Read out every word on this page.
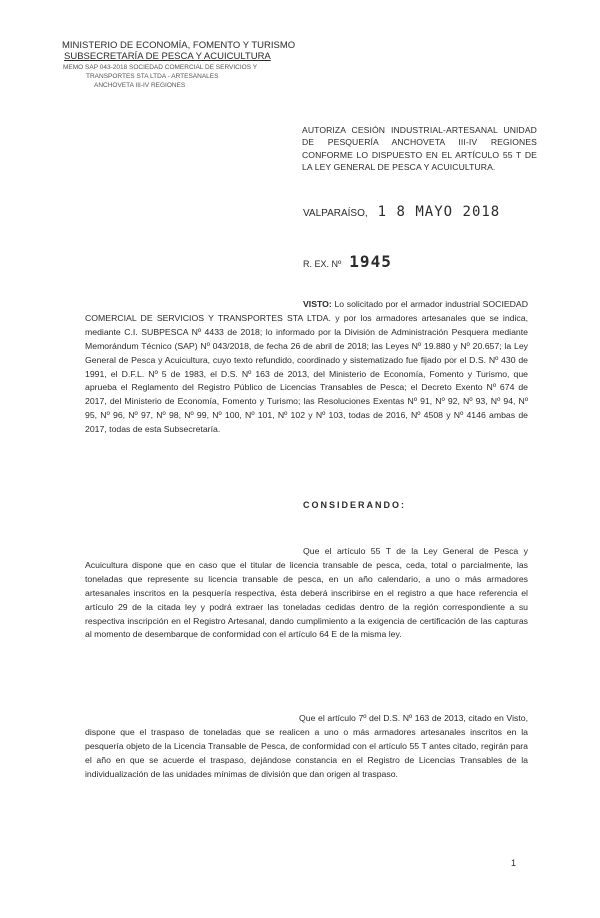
MINISTERIO DE ECONOMÍA, FOMENTO Y TURISMO
SUBSECRETARÍA DE PESCA Y ACUICULTURA
MEMO SAP 043-2018 SOCIEDAD COMERCIAL DE SERVICIOS Y
TRANSPORTES STA LTDA - ARTESANALES
ANCHOVETA III-IV REGIONES
AUTORIZA CESIÓN INDUSTRIAL-ARTESANAL UNIDAD DE PESQUERÍA ANCHOVETA III-IV REGIONES CONFORME LO DISPUESTO EN EL ARTÍCULO 55 T DE LA LEY GENERAL DE PESCA Y ACUICULTURA.
VALPARAÍSO, 1 8 MAYO 2018
R. EX. Nº 1945
VISTO: Lo solicitado por el armador industrial SOCIEDAD COMERCIAL DE SERVICIOS Y TRANSPORTES STA LTDA. y por los armadores artesanales que se indica, mediante C.I. SUBPESCA Nº 4433 de 2018; lo informado por la División de Administración Pesquera mediante Memorándum Técnico (SAP) Nº 043/2018, de fecha 26 de abril de 2018; las Leyes Nº 19.880 y Nº 20.657; la Ley General de Pesca y Acuicultura, cuyo texto refundido, coordinado y sistematizado fue fijado por el D.S. Nº 430 de 1991, el D.F.L. Nº 5 de 1983, el D.S. Nº 163 de 2013, del Ministerio de Economía, Fomento y Turismo, que aprueba el Reglamento del Registro Público de Licencias Transables de Pesca; el Decreto Exento Nº 674 de 2017, del Ministerio de Economía, Fomento y Turismo; las Resoluciones Exentas Nº 91, Nº 92, Nº 93, Nº 94, Nº 95, Nº 96, Nº 97, Nº 98, Nº 99, Nº 100, Nº 101, Nº 102 y Nº 103, todas de 2016, Nº 4508 y Nº 4146 ambas de 2017, todas de esta Subsecretaría.
CONSIDERANDO:
Que el artículo 55 T de la Ley General de Pesca y Acuicultura dispone que en caso que el titular de licencia transable de pesca, ceda, total o parcialmente, las toneladas que represente su licencia transable de pesca, en un año calendario, a uno o más armadores artesanales inscritos en la pesquería respectiva, ésta deberá inscribirse en el registro a que hace referencia el artículo 29 de la citada ley y podrá extraer las toneladas cedidas dentro de la región correspondiente a su respectiva inscripción en el Registro Artesanal, dando cumplimiento a la exigencia de certificación de las capturas al momento de desembarque de conformidad con el artículo 64 E de la misma ley.
Que el artículo 7º del D.S. Nº 163 de 2013, citado en Visto, dispone que el traspaso de toneladas que se realicen a uno o más armadores artesanales inscritos en la pesquería objeto de la Licencia Transable de Pesca, de conformidad con el artículo 55 T antes citado, regirán para el año en que se acuerde el traspaso, dejándose constancia en el Registro de Licencias Transables de la individualización de las unidades mínimas de división que dan origen al traspaso.
1
